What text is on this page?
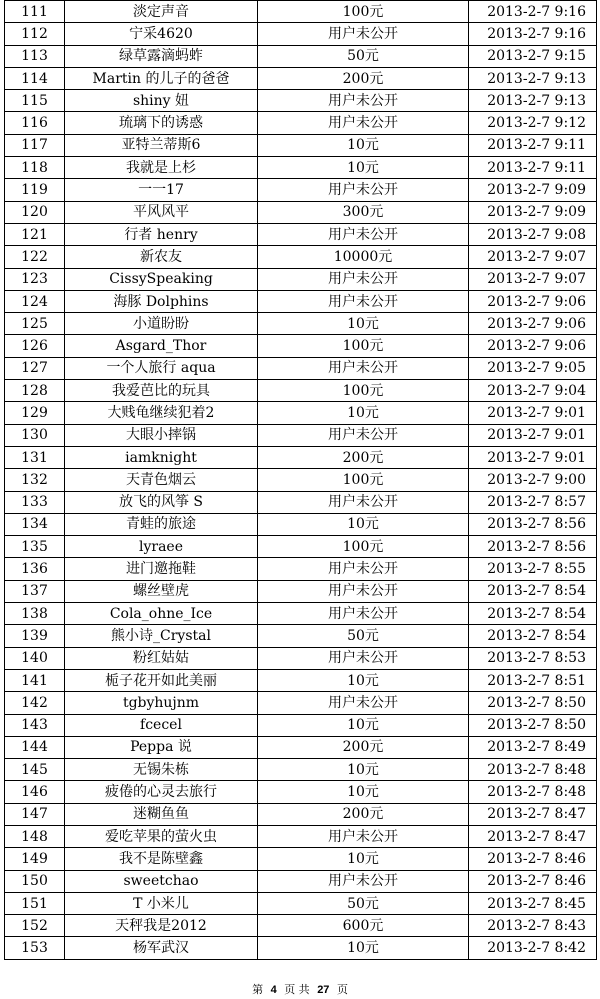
111	淡定声音	100元	2013-2-7 9:16
112	宁采4620	用户未公开	2013-2-7 9:16
113	绿草露滴蚂蚱	50元	2013-2-7 9:15
114	Martin 的儿子的爸爸	200元	2013-2-7 9:13
115	shiny 妞	用户未公开	2013-2-7 9:13
116	琉璃下的诱惑	用户未公开	2013-2-7 9:12
117	亚特兰蒂斯6	10元	2013-2-7 9:11
118	我就是上杉	10元	2013-2-7 9:11
119	一一17	用户未公开	2013-2-7 9:09
120	平风风平	300元	2013-2-7 9:09
121	行者 henry	用户未公开	2013-2-7 9:08
122	新农友	10000元	2013-2-7 9:07
123	CissySpeaking	用户未公开	2013-2-7 9:07
124	海豚 Dolphins	用户未公开	2013-2-7 9:06
125	小道盼盼	10元	2013-2-7 9:06
126	Asgard_Thor	100元	2013-2-7 9:06
127	一个人旅行 aqua	用户未公开	2013-2-7 9:05
128	我爱芭比的玩具	100元	2013-2-7 9:04
129	大贱龟继续犯着2	10元	2013-2-7 9:01
130	大眼小摔锅	用户未公开	2013-2-7 9:01
131	iamknight	200元	2013-2-7 9:01
132	天青色烟云	100元	2013-2-7 9:00
133	放飞的风筝 S	用户未公开	2013-2-7 8:57
134	青蛙的旅途	10元	2013-2-7 8:56
135	lyraee	100元	2013-2-7 8:56
136	进门邀拖鞋	用户未公开	2013-2-7 8:55
137	螺丝壁虎	用户未公开	2013-2-7 8:54
138	Cola_ohne_Ice	用户未公开	2013-2-7 8:54
139	熊小诗_Crystal	50元	2013-2-7 8:54
140	粉红姑姑	用户未公开	2013-2-7 8:53
141	栀子花开如此美丽	10元	2013-2-7 8:51
142	tgbyhujnm	用户未公开	2013-2-7 8:50
143	fcecel	10元	2013-2-7 8:50
144	Peppa 说	200元	2013-2-7 8:49
145	无锡朱栋	10元	2013-2-7 8:48
146	疲倦的心灵去旅行	10元	2013-2-7 8:48
147	迷糊鱼鱼	200元	2013-2-7 8:47
148	爱吃苹果的萤火虫	用户未公开	2013-2-7 8:47
149	我不是陈壁鑫	10元	2013-2-7 8:46
150	sweetchao	用户未公开	2013-2-7 8:46
151	T 小米儿	50元	2013-2-7 8:45
152	天秤我是2012	600元	2013-2-7 8:43
153	杨军武汉	10元	2013-2-7 8:42
第 4 页 共 27 页
